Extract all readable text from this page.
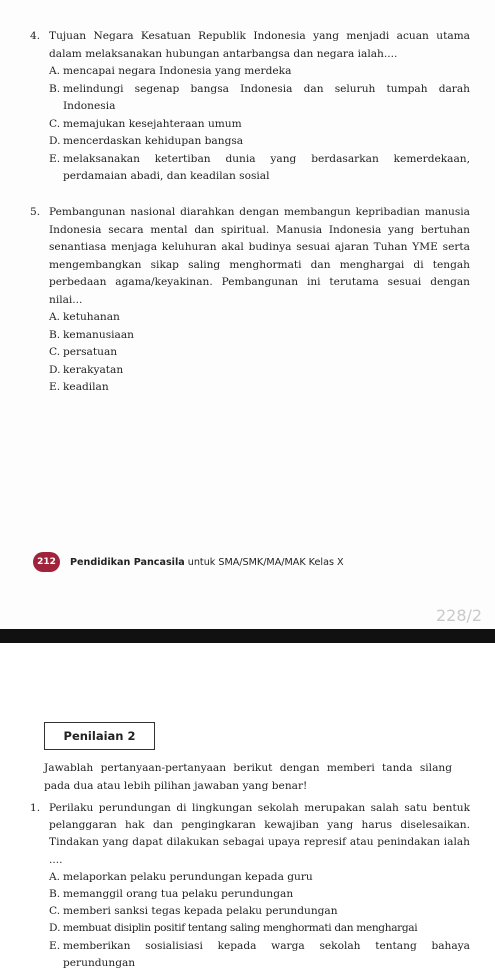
4. Tujuan Negara Kesatuan Republik Indonesia yang menjadi acuan utama dalam melaksanakan hubungan antarbangsa dan negara ialah....
A. mencapai negara Indonesia yang merdeka
B. melindungi segenap bangsa Indonesia dan seluruh tumpah darah Indonesia
C. memajukan kesejahteraan umum
D. mencerdaskan kehidupan bangsa
E. melaksanakan ketertiban dunia yang berdasarkan kemerdekaan, perdamaian abadi, dan keadilan sosial
5. Pembangunan nasional diarahkan dengan membangun kepribadian manusia Indonesia secara mental dan spiritual. Manusia Indonesia yang bertuhan senantiasa menjaga keluhuran akal budinya sesuai ajaran Tuhan YME serta mengembangkan sikap saling menghormati dan menghargai di tengah perbedaan agama/keyakinan. Pembangunan ini terutama sesuai dengan nilai...
A. ketuhanan
B. kemanusiaan
C. persatuan
D. kerakyatan
E. keadilan
212	Pendidikan Pancasila untuk SMA/SMK/MA/MAK Kelas X
228/2
Penilaian 2
Jawablah pertanyaan-pertanyaan berikut dengan memberi tanda silang pada dua atau lebih pilihan jawaban yang benar!
1. Perilaku perundungan di lingkungan sekolah merupakan salah satu bentuk pelanggaran hak dan pengingkaran kewajiban yang harus diselesaikan. Tindakan yang dapat dilakukan sebagai upaya represif atau penindakan ialah ....
A. melaporkan pelaku perundungan kepada guru
B. memanggil orang tua pelaku perundungan
C. memberi sanksi tegas kepada pelaku perundungan
D. membuat disiplin positif tentang saling menghormati dan menghargai
E. memberikan sosialisiasi kepada warga sekolah tentang bahaya perundungan
